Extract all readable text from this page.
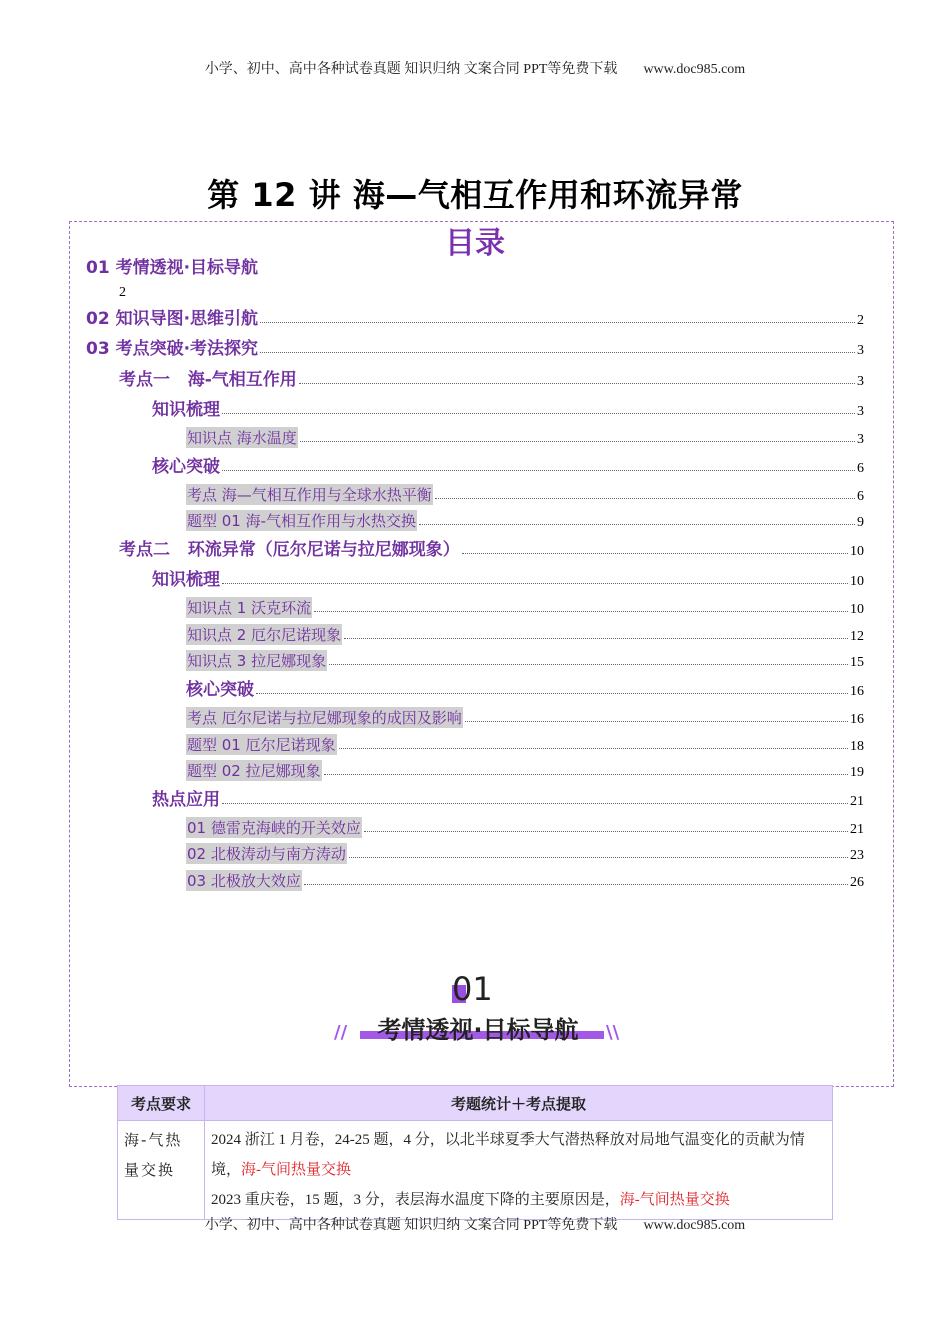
小学、初中、高中各种试卷真题 知识归纳 文案合同 PPT等免费下载 www.doc985.com
第 12 讲 海—气相互作用和环流异常
目录
01 考情透视·目标导航
2
02 知识导图·思维引航	2
03 考点突破·考法探究	3
考点一   海-气相互作用	3
知识梳理	3
知识点 海水温度	3
核心突破	6
考点 海—气相互作用与全球水热平衡	6
题型 01 海-气相互作用与水热交换	9
考点二   环流异常（厄尔尼诺与拉尼娜现象）	10
知识梳理	10
知识点 1 沃克环流	10
知识点 2 厄尔尼诺现象	12
知识点 3 拉尼娜现象	15
核心突破	16
考点 厄尔尼诺与拉尼娜现象的成因及影响	16
题型 01 厄尔尼诺现象	18
题型 02 拉尼娜现象	19
热点应用	21
01 德雷克海峡的开关效应	21
02 北极涛动与南方涛动	23
03 北极放大效应	26
01
考情透视·目标导航
//	\\
考点要求	考题统计＋考点提取
海-气热量交换	2024 浙江 1 月卷，24-25 题，4 分，以北半球夏季大气潜热释放对局地气温变化的贡献为情境，海-气间热量交换
2023 重庆卷，15 题，3 分，表层海水温度下降的主要原因是，海-气间热量交换
小学、初中、高中各种试卷真题 知识归纳 文案合同 PPT等免费下载 www.doc985.com
